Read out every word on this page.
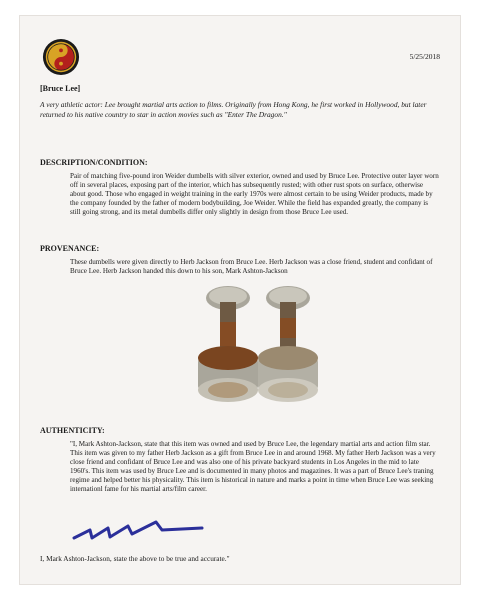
5/25/2018
[Bruce Lee]

A very athletic actor: Lee brought martial arts action to films. Originally from Hong Kong, he first worked in Hollywood, but later returned to his native country to star in action movies such as "Enter The Dragon."

DESCRIPTION/CONDITION:

Pair of matching five-pound iron Weider dumbells with silver exterior, owned and used by Bruce Lee. Protective outer layer worn off in several places, exposing part of the interior, which has subsequently rusted; with other rust spots on surface, otherwise about good. Those who engaged in weight training in the early 1970s were almost certain to be using Weider products, made by the company founded by the father of modern bodybuilding, Joe Weider. While the field has expanded greatly, the company is still going strong, and its metal dumbells differ only slightly in design from those Bruce Lee used.

PROVENANCE:

These dumbells were given directly to Herb Jackson from Bruce Lee. Herb Jackson was a close friend, student and confidant of Bruce Lee. Herb Jackson handed this down to his son, Mark Ashton-Jackson

AUTHENTICITY:

"I, Mark Ashton-Jackson, state that this item was owned and used by Bruce Lee, the legendary martial arts and action film star. This item was given to my father Herb Jackson as a gift from Bruce Lee in and around 1968. My father Herb Jackson was a very close friend and confidant of Bruce Lee and was also one of his private backyard students in Los Angeles in the mid to late 1960's. This item was used by Bruce Lee and is documented in many photos and magazines. It was a part of Bruce Lee's traning regime and helped better his physicality. This item is historical in nature and marks a point in time when Bruce Lee was seeking internationl fame for his martial arts/film career.

I, Mark Ashton-Jackson, state the above to be true and accurate."
